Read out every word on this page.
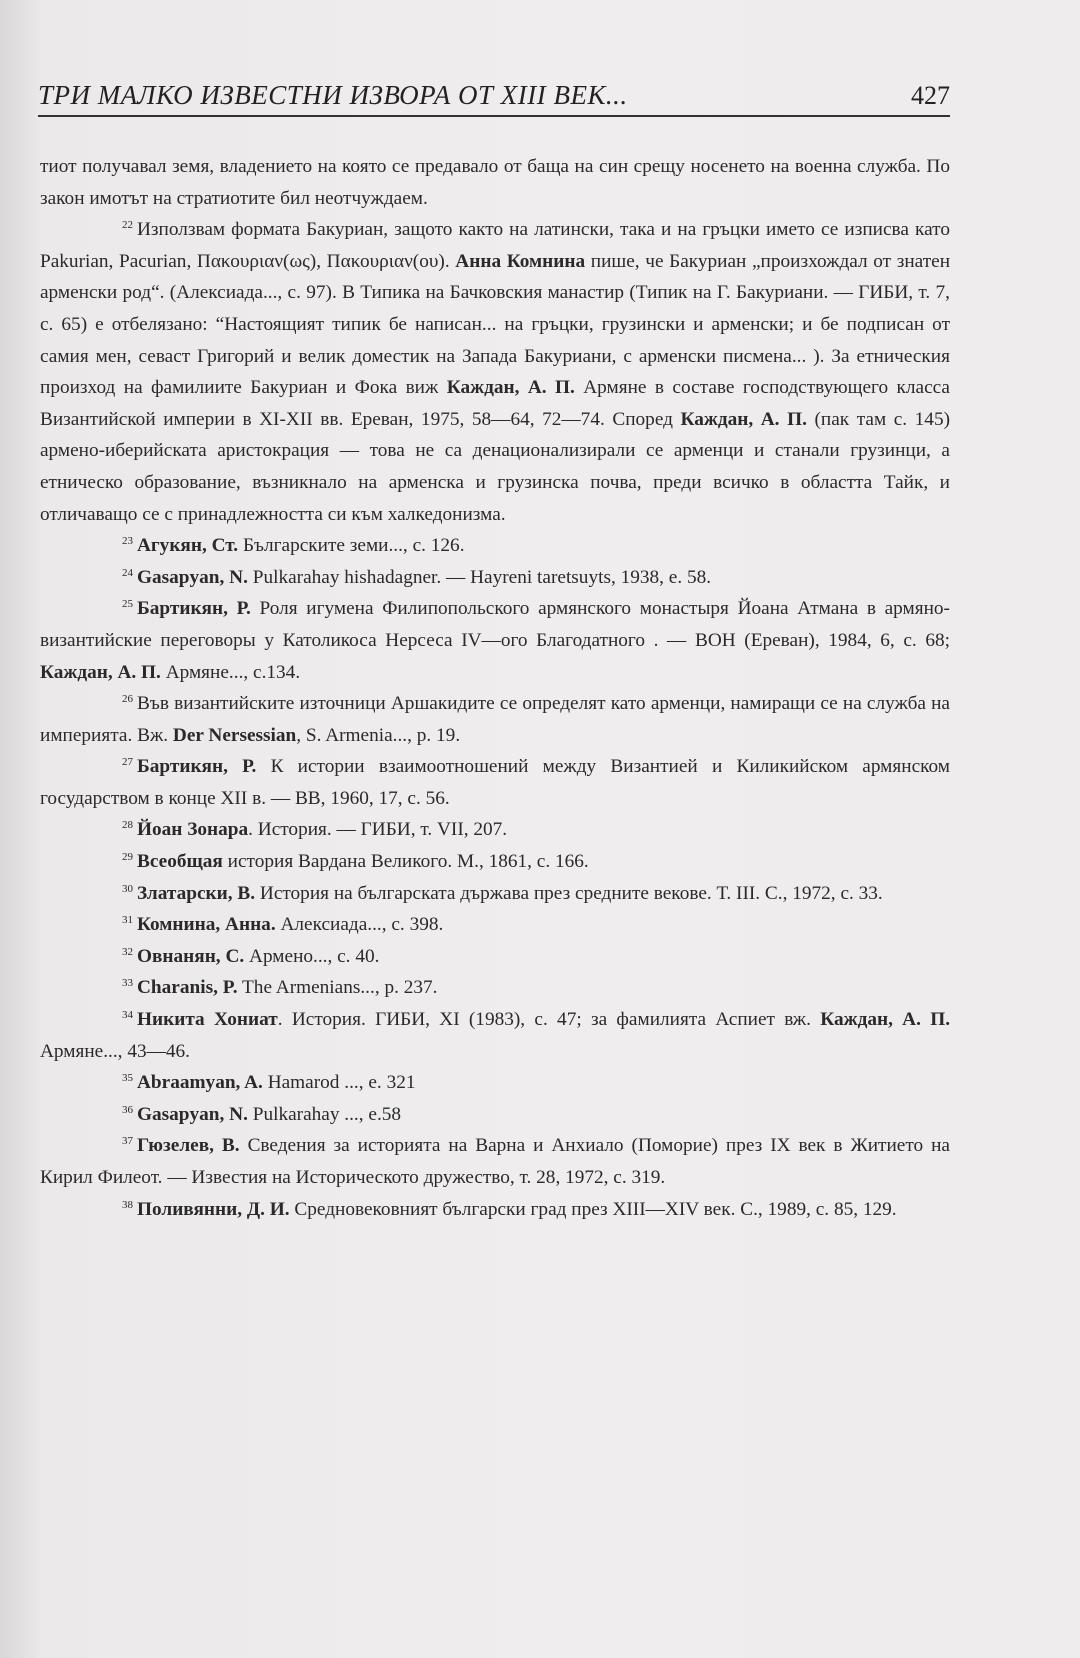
ТРИ МАЛКО ИЗВЕСТНИ ИЗВОРА ОТ XIII ВЕК...	427

тиот получавал земя, владението на която се предавало от баща на син срещу носенето на военна служба. По закон имотът на стратиотите бил неотчуждаем.

$^{22}$ Използвам формата Бакуриан, защото както на латински, така и на гръцки името се изписва като Pakurian, Pacurian, Πακουριαν(ως), Πακουριαν(ου). Анна Комнина пише, че Бакуриан „произхождал от знатен арменски род“. (Алексиада..., с. 97). В Типика на Бачковския манастир (Типик на Г. Бакуриани. — ГИБИ, т. 7, с. 65) е отбелязано: “Настоящият типик бе написан... на гръцки, грузински и арменски; и бе подписан от самия мен, севаст Григорий и велик доместик на Запада Бакуриани, с арменски писмена... ). За етническия произход на фамилиите Бакуриан и Фока виж Каждан, А. П. Армяне в составе господствующего класса Византийской империи в XI-XII вв. Ереван, 1975, 58—64, 72—74. Според Каждан, А. П. (пак там с. 145) армено-иберийската аристокрация — това не са денационализирали се арменци и станали грузинци, а етническо образование, възникнало на арменска и грузинска почва, преди всичко в областта Тайк, и отличаващо се с принадлежността си към халкедонизма.

$^{23}$ Агукян, Ст. Българските земи..., с. 126.

$^{24}$ Gasapyan, N. Pulkarahay hishadagner. — Hayreni taretsuyts, 1938, e. 58.

$^{25}$ Бартикян, Р. Роля игумена Филипопольского армянского монастыря Йоана Атмана в армяно-византийские переговоры у Католикоса Нерсеса IV—ого Благодатного . — ВОН (Ереван), 1984, 6, с. 68; Каждан, А. П. Армяне..., с.134.

$^{26}$ Във византийските източници Аршакидите се определят като арменци, намиращи се на служба на империята. Вж. Der Nersessian, S. Armenia..., p. 19.

$^{27}$ Бартикян, Р. К истории взаимоотношений между Византией и Киликийском армянском государством в конце XII в. — ВВ, 1960, 17, с. 56.

$^{28}$ Йоан Зонара. История. — ГИБИ, т. VII, 207.

$^{29}$ Всеобщая история Вардана Великого. М., 1861, с. 166.

$^{30}$ Златарски, В. История на българската държава през средните векове. Т. III. С., 1972, с. 33.

$^{31}$ Комнина, Анна. Алексиада..., с. 398.

$^{32}$ Овнанян, С. Армено..., с. 40.

$^{33}$ Charanis, P. The Armenians..., p. 237.

$^{34}$ Никита Хониат. История. ГИБИ, XI (1983), с. 47; за фамилията Аспиет вж. Каждан, А. П. Армяне..., 43—46.

$^{35}$ Abraamyan, A. Hamarod ..., e. 321

$^{36}$ Gasapyan, N. Pulkarahay ..., e.58

$^{37}$ Гюзелев, В. Сведения за историята на Варна и Анхиало (Поморие) през IX век в Житието на Кирил Филеот. — Известия на Историческото дружество, т. 28, 1972, с. 319.

$^{38}$ Поливянни, Д. И. Средновековният български град през XIII—XIV век. С., 1989, с. 85, 129.
